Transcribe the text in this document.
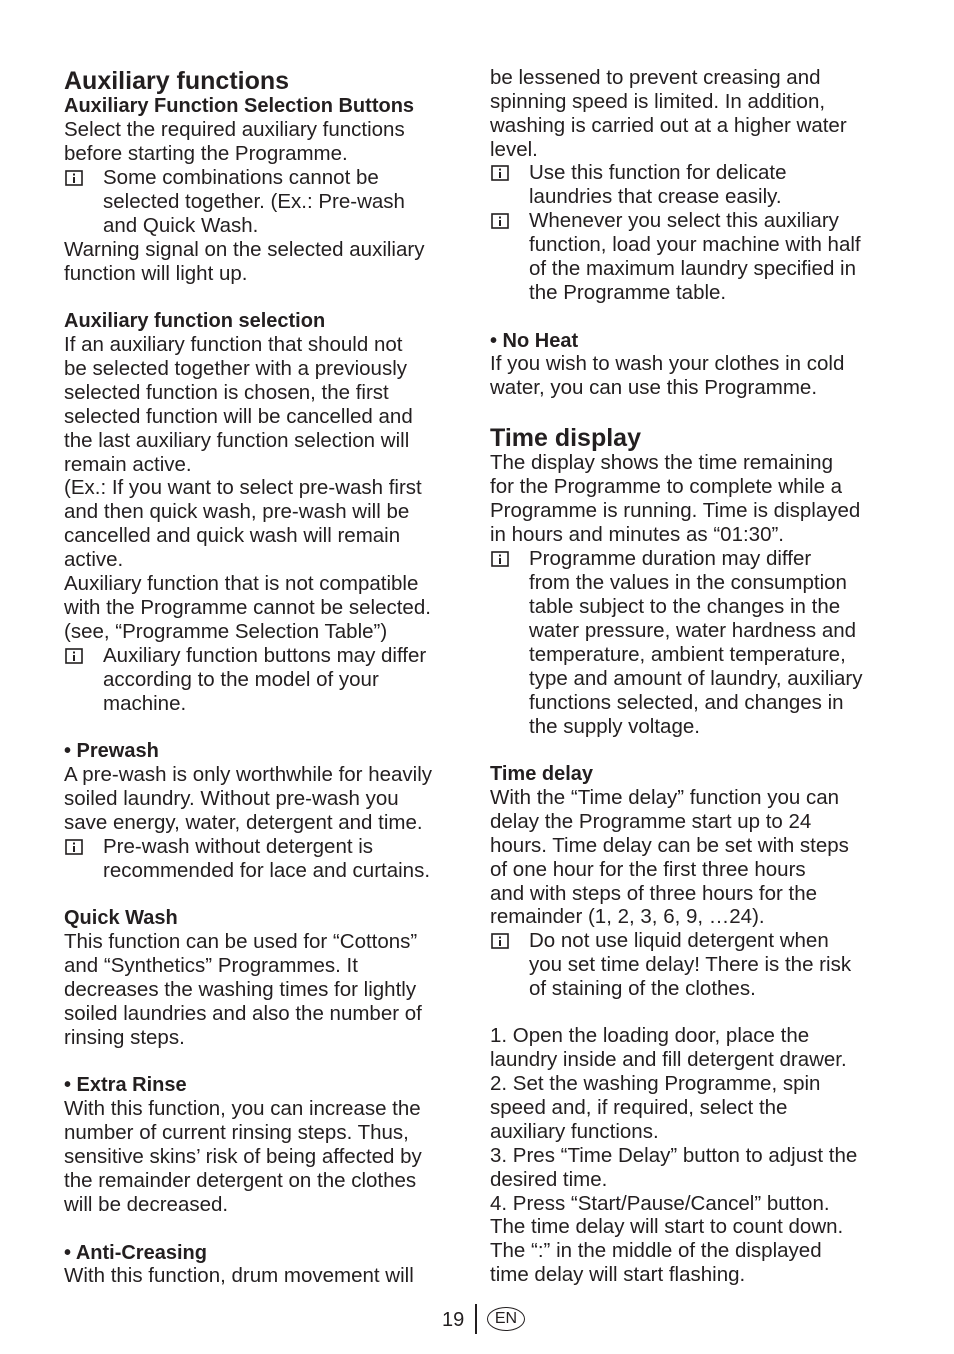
Auxiliary functions
Auxiliary Function Selection Buttons
Select the required auxiliary functions
before starting the Programme.
Some combinations cannot be
selected together. (Ex.: Pre-wash
and Quick Wash.
Warning signal on the selected auxiliary
function will light up.
Auxiliary function selection
If an auxiliary function that should not
be selected together with a previously
selected function is chosen, the first
selected function will be cancelled and
the last auxiliary function selection will
remain active.
(Ex.: If you want to select pre-wash first
and then quick wash, pre-wash will be
cancelled and quick wash will remain
active.
Auxiliary function that is not compatible
with the Programme cannot be selected.
(see, “Programme Selection Table”)
Auxiliary function buttons may differ
according to the model of your
machine.
• Prewash
A pre-wash is only worthwhile for heavily
soiled laundry. Without pre-wash you
save energy, water, detergent and time.
Pre-wash without detergent is
recommended for lace and curtains.
Quick Wash
This function can be used for “Cottons”
and “Synthetics” Programmes. It
decreases the washing times for lightly
soiled laundries and also the number of
rinsing steps.
• Extra Rinse
With this function, you can increase the
number of current rinsing steps. Thus,
sensitive skins’ risk of being affected by
the remainder detergent on the clothes
will be decreased.
• Anti-Creasing
With this function, drum movement will
be lessened to prevent creasing and
spinning speed is limited. In addition,
washing is carried out at a higher water
level.
Use this function for delicate
laundries that crease easily.
Whenever you select this auxiliary
function, load your machine with half
of the maximum laundry specified in
the Programme table.
• No Heat
If you wish to wash your clothes in cold
water, you can use this Programme.
Time display
The display shows the time remaining
for the Programme to complete while a
Programme is running. Time is displayed
in hours and minutes as “01:30”.
Programme duration may differ
from the values in the consumption
table subject to the changes in the
water pressure, water hardness and
temperature, ambient temperature,
type and amount of laundry, auxiliary
functions selected, and changes in
the supply voltage.
Time delay
With the “Time delay” function you can
delay the Programme start up to 24
hours. Time delay can be set with steps
of one hour for the first three hours
and with steps of three hours for the
remainder (1, 2, 3, 6, 9, …24).
Do not use liquid detergent when
you set time delay! There is the risk
of staining of the clothes.
1. Open the loading door, place the
laundry inside and fill detergent drawer.
2. Set the washing Programme, spin
speed and, if required, select the
auxiliary functions.
3. Pres “Time Delay” button to adjust the
desired time.
4. Press “Start/Pause/Cancel” button.
The time delay will start to count down.
The “:” in the middle of the displayed
time delay will start flashing.
19	EN
